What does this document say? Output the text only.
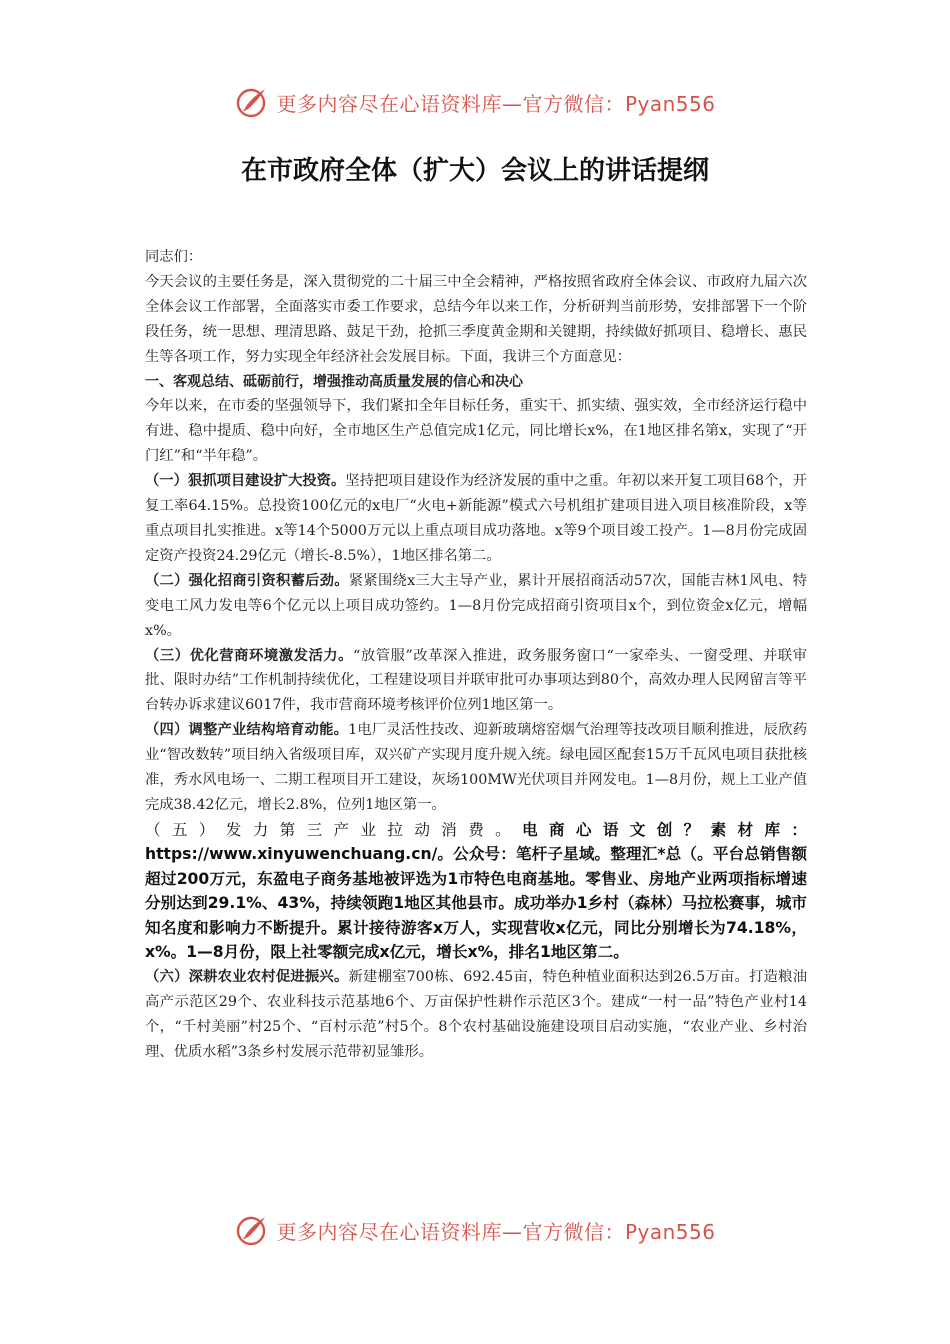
更多内容尽在心语资料库—官方微信：Pyan556
在市政府全体（扩大）会议上的讲话提纲

同志们：

今天会议的主要任务是，深入贯彻党的二十届三中全会精神，严格按照省政府全体会议、市政府九届六次全体会议工作部署，全面落实市委工作要求，总结今年以来工作，分析研判当前形势，安排部署下一个阶段任务，统一思想、理清思路、鼓足干劲，抢抓三季度黄金期和关键期，持续做好抓项目、稳增长、惠民生等各项工作，努力实现全年经济社会发展目标。下面，我讲三个方面意见：

一、客观总结、砥砺前行，增强推动高质量发展的信心和决心

今年以来，在市委的坚强领导下，我们紧扣全年目标任务，重实干、抓实绩、强实效，全市经济运行稳中有进、稳中提质、稳中向好，全市地区生产总值完成1亿元，同比增长x%，在1地区排名第x，实现了“开门红”和“半年稳”。

（一）狠抓项目建设扩大投资。坚持把项目建设作为经济发展的重中之重。年初以来开复工项目68个，开复工率64.15%。总投资100亿元的x电厂“火电+新能源”模式六号机组扩建项目进入项目核准阶段，x等重点项目扎实推进。x等14个5000万元以上重点项目成功落地。x等9个项目竣工投产。1—8月份完成固定资产投资24.29亿元（增长-8.5%），1地区排名第二。

（二）强化招商引资积蓄后劲。紧紧围绕x三大主导产业，累计开展招商活动57次，国能吉林1风电、特变电工风力发电等6个亿元以上项目成功签约。1—8月份完成招商引资项目x个，到位资金x亿元，增幅x%。

（三）优化营商环境激发活力。“放管服”改革深入推进，政务服务窗口“一家牵头、一窗受理、并联审批、限时办结”工作机制持续优化，工程建设项目并联审批可办事项达到80个，高效办理人民网留言等平台转办诉求建议6017件，我市营商环境考核评价位列1地区第一。

（四）调整产业结构培育动能。1电厂灵活性技改、迎新玻璃熔窑烟气治理等技改项目顺利推进，辰欣药业“智改数转”项目纳入省级项目库，双兴矿产实现月度升规入统。绿电园区配套15万千瓦风电项目获批核准，秀水风电场一、二期工程项目开工建设，灰场100MW光伏项目并网发电。1—8月份，规上工业产值完成38.42亿元，增长2.8%，位列1地区第一。

（五）发力第三产业拉动消费。电商心语文创？素材库：https://www.xinyuwenchuang.cn/。公众号：笔杆子星域。整理汇*总（。平台总销售额超过200万元，东盈电子商务基地被评选为1市特色电商基地。零售业、房地产业两项指标增速分别达到29.1%、43%，持续领跑1地区其他县市。成功举办1乡村（森林）马拉松赛事，城市知名度和影响力不断提升。累计接待游客x万人，实现营收x亿元，同比分别增长为74.18%，x%。1—8月份，限上社零额完成x亿元，增长x%，排名1地区第二。

（六）深耕农业农村促进振兴。新建棚室700栋、692.45亩，特色种植业面积达到26.5万亩。打造粮油高产示范区29个、农业科技示范基地6个、万亩保护性耕作示范区3个。建成“一村一品”特色产业村14个，“千村美丽”村25个、“百村示范”村5个。8个农村基础设施建设项目启动实施，“农业产业、乡村治理、优质水稻”3条乡村发展示范带初显雏形。

更多内容尽在心语资料库—官方微信：Pyan556
